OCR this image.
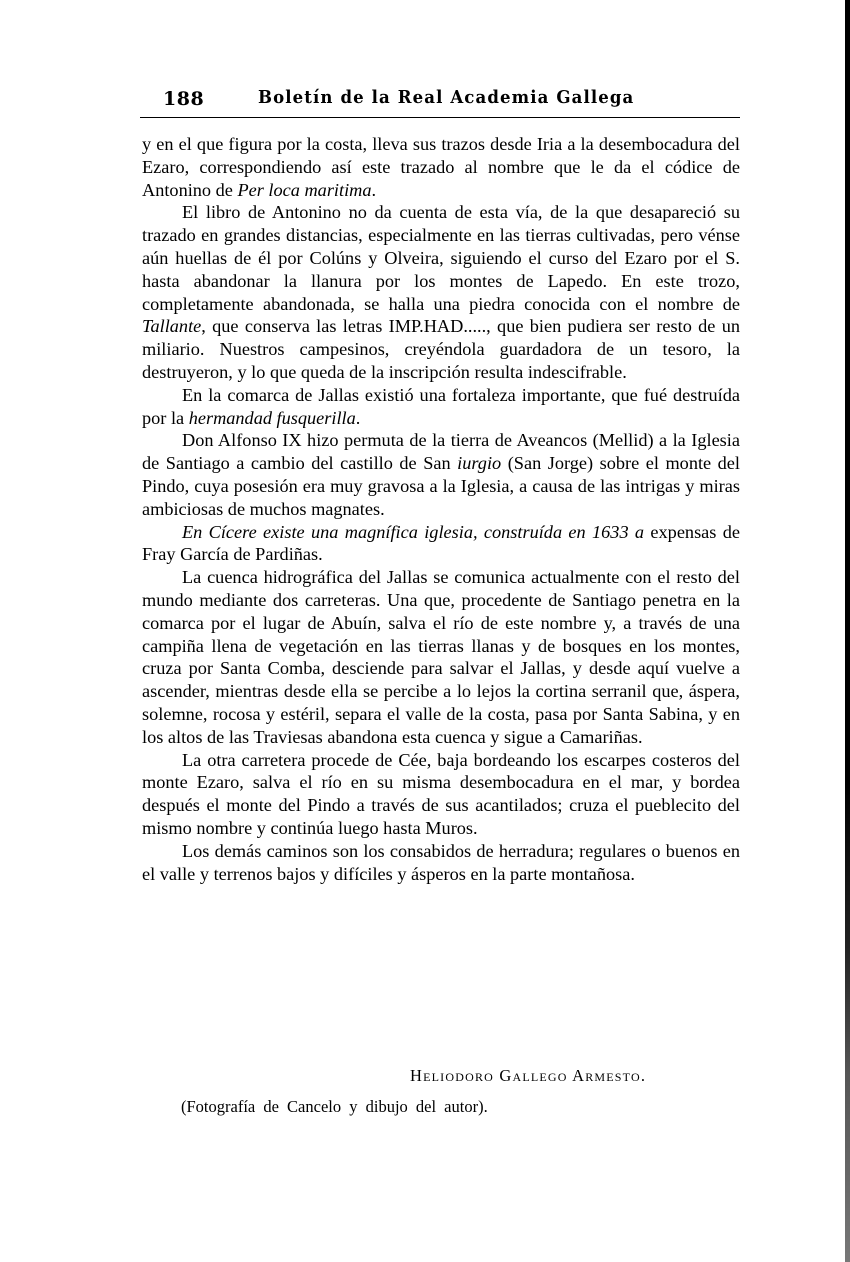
188	Boletín de la Real Academia Gallega

y en el que figura por la costa, lleva sus trazos desde Iria a la desembocadura del Ezaro, correspondiendo así este trazado al nombre que le da el códice de Antonino de Per loca maritima.

El libro de Antonino no da cuenta de esta vía, de la que desapareció su trazado en grandes distancias, especialmente en las tierras cultivadas, pero vénse aún huellas de él por Colúns y Olveira, siguiendo el curso del Ezaro por el S. hasta abandonar la llanura por los montes de Lapedo. En este trozo, completamente abandonada, se halla una piedra conocida con el nombre de Tallante, que conserva las letras IMP.HAD....., que bien pudiera ser resto de un miliario. Nuestros campesinos, creyéndola guardadora de un tesoro, la destruyeron, y lo que queda de la inscripción resulta indescifrable.

En la comarca de Jallas existió una fortaleza importante, que fué destruída por la hermandad fusquerilla.

Don Alfonso IX hizo permuta de la tierra de Aveancos (Mellid) a la Iglesia de Santiago a cambio del castillo de San iurgio (San Jorge) sobre el monte del Pindo, cuya posesión era muy gravosa a la Iglesia, a causa de las intrigas y miras ambiciosas de muchos magnates.

En Cícere existe una magnífica iglesia, construída en 1633 a expensas de Fray García de Pardiñas.

La cuenca hidrográfica del Jallas se comunica actualmente con el resto del mundo mediante dos carreteras. Una que, procedente de Santiago penetra en la comarca por el lugar de Abuín, salva el río de este nombre y, a través de una campiña llena de vegetación en las tierras llanas y de bosques en los montes, cruza por Santa Comba, desciende para salvar el Jallas, y desde aquí vuelve a ascender, mientras desde ella se percibe a lo lejos la cortina serranil que, áspera, solemne, rocosa y estéril, separa el valle de la costa, pasa por Santa Sabina, y en los altos de las Traviesas abandona esta cuenca y sigue a Camariñas.

La otra carretera procede de Cée, baja bordeando los escarpes costeros del monte Ezaro, salva el río en su misma desembocadura en el mar, y bordea después el monte del Pindo a través de sus acantilados; cruza el pueblecito del mismo nombre y continúa luego hasta Muros.

Los demás caminos son los consabidos de herradura; regulares o buenos en el valle y terrenos bajos y difíciles y ásperos en la parte montañosa.

Heliodoro Gallego Armesto.
(Fotografía de Cancelo y dibujo del autor).
